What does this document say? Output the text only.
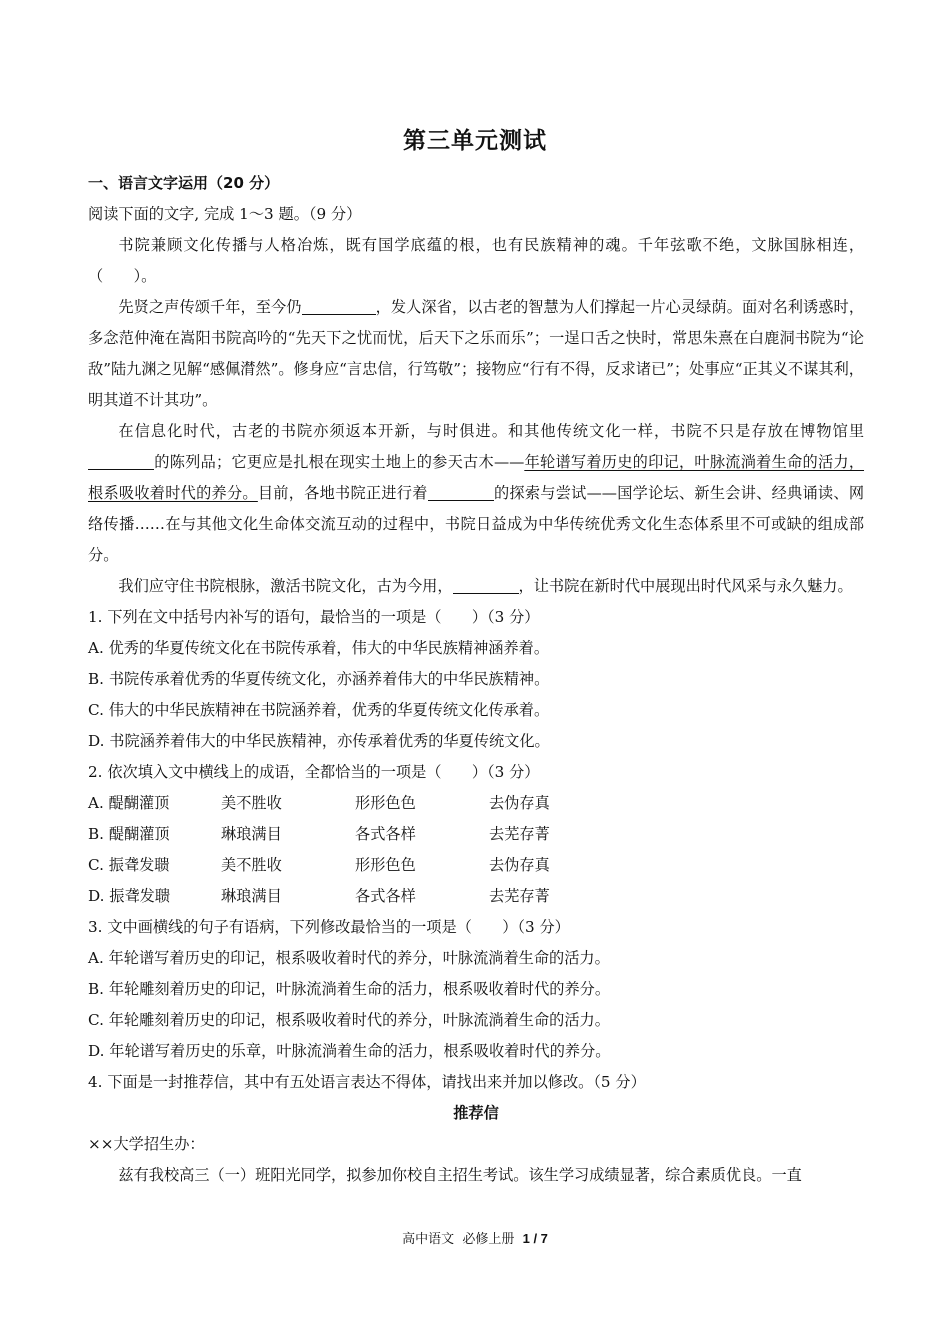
第三单元测试
一、语言文字运用（20 分）
阅读下面的文字, 完成 1～3 题。（9 分）

书院兼顾文化传播与人格冶炼，既有国学底蕴的根，也有民族精神的魂。千年弦歌不绝，文脉国脉相连，（　　）。

先贤之声传颂千年，至今仍	，发人深省，以古老的智慧为人们撑起一片心灵绿荫。面对名利诱惑时，多念范仲淹在嵩阳书院高吟的“先天下之忧而忧，后天下之乐而乐”；一逞口舌之快时，常思朱熹在白鹿洞书院为“论敌”陆九渊之见解“感佩潸然”。修身应“言忠信，行笃敬”；接物应“行有不得，反求诸已”；处事应“正其义不谋其利，明其道不计其功”。

在信息化时代，古老的书院亦须返本开新，与时俱进。和其他传统文化一样，书院不只是存放在博物馆里的陈列品；它更应是扎根在现实土地上的参天古木——年轮谱写着历史的印记，叶脉流淌着生命的活力，根系吸收着时代的养分。目前，各地书院正进行着	的探索与尝试——国学论坛、新生会讲、经典诵读、网络传播……在与其他文化生命体交流互动的过程中，书院日益成为中华传统优秀文化生态体系里不可或缺的组成部分。

我们应守住书院根脉，激活书院文化，古为今用，	，让书院在新时代中展现出时代风采与永久魅力。

1. 下列在文中括号内补写的语句，最恰当的一项是（　　）（3 分）
A. 优秀的华夏传统文化在书院传承着，伟大的中华民族精神涵养着。
B. 书院传承着优秀的华夏传统文化，亦涵养着伟大的中华民族精神。
C. 伟大的中华民族精神在书院涵养着，优秀的华夏传统文化传承着。
D. 书院涵养着伟大的中华民族精神，亦传承着优秀的华夏传统文化。
2. 依次填入文中横线上的成语，全都恰当的一项是（　　）（3 分）
A. 醍醐灌顶	美不胜收	形形色色	去伪存真
B. 醍醐灌顶	琳琅满目	各式各样	去芜存菁
C. 振聋发聩	美不胜收	形形色色	去伪存真
D. 振聋发聩	琳琅满目	各式各样	去芜存菁
3. 文中画横线的句子有语病，下列修改最恰当的一项是（　　）（3 分）
A. 年轮谱写着历史的印记，根系吸收着时代的养分，叶脉流淌着生命的活力。
B. 年轮雕刻着历史的印记，叶脉流淌着生命的活力，根系吸收着时代的养分。
C. 年轮雕刻着历史的印记，根系吸收着时代的养分，叶脉流淌着生命的活力。
D. 年轮谱写着历史的乐章，叶脉流淌着生命的活力，根系吸收着时代的养分。
4. 下面是一封推荐信，其中有五处语言表达不得体，请找出来并加以修改。（5 分）
推荐信
××大学招生办：
兹有我校高三（一）班阳光同学，拟参加你校自主招生考试。该生学习成绩显著，综合素质优良。一直
高中语文  必修上册 1 / 7
